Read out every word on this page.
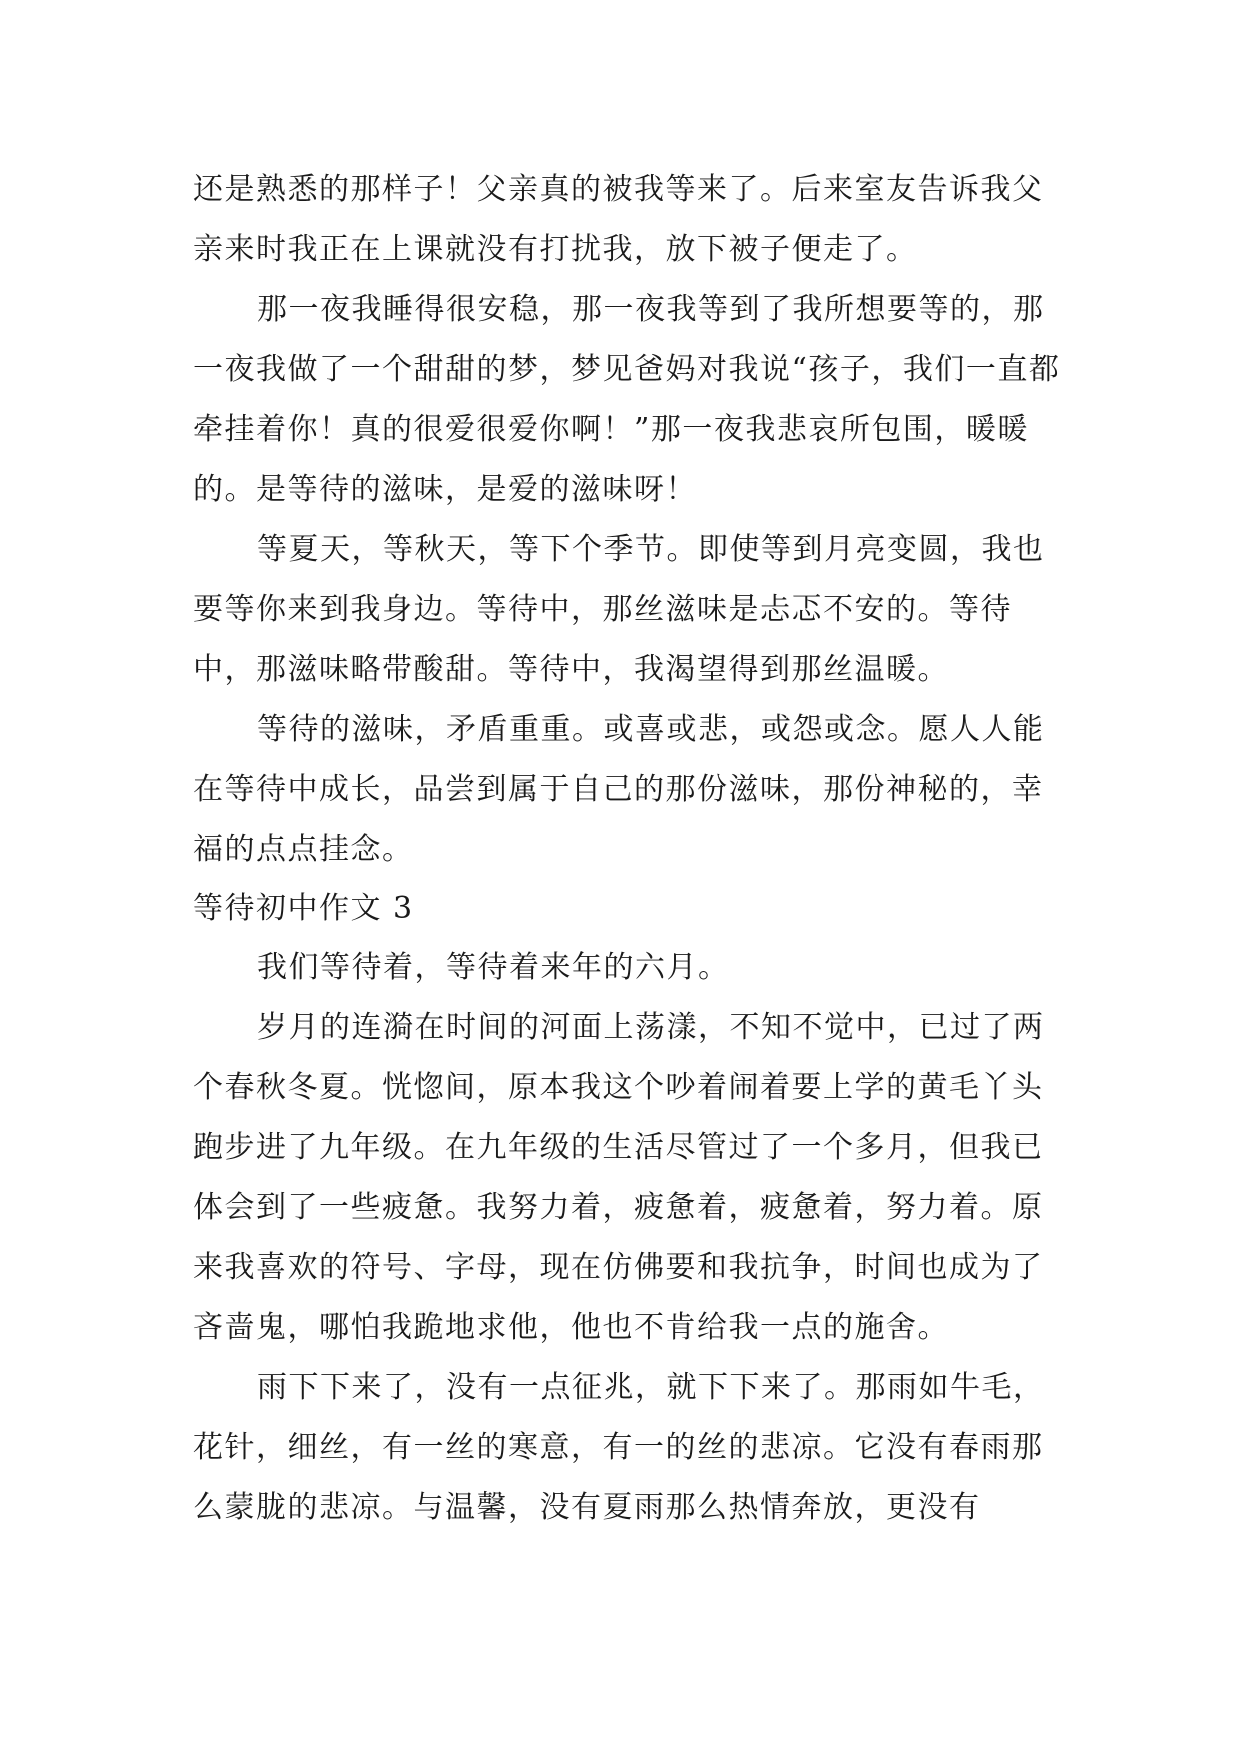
还是熟悉的那样子！父亲真的被我等来了。后来室友告诉我父亲来时我正在上课就没有打扰我，放下被子便走了。

那一夜我睡得很安稳，那一夜我等到了我所想要等的，那一夜我做了一个甜甜的梦，梦见爸妈对我说“孩子，我们一直都牵挂着你！真的很爱很爱你啊！”那一夜我悲哀所包围，暖暖的。是等待的滋味，是爱的滋味呀！

等夏天，等秋天，等下个季节。即使等到月亮变圆，我也要等你来到我身边。等待中，那丝滋味是忐忑不安的。等待中，那滋味略带酸甜。等待中，我渴望得到那丝温暖。

等待的滋味，矛盾重重。或喜或悲，或怨或念。愿人人能在等待中成长，品尝到属于自己的那份滋味，那份神秘的，幸福的点点挂念。

等待初中作文 3

我们等待着，等待着来年的六月。

岁月的连漪在时间的河面上荡漾，不知不觉中，已过了两个春秋冬夏。恍惚间，原本我这个吵着闹着要上学的黄毛丫头跑步进了九年级。在九年级的生活尽管过了一个多月，但我已体会到了一些疲惫。我努力着，疲惫着，疲惫着，努力着。原来我喜欢的符号、字母，现在仿佛要和我抗争，时间也成为了吝啬鬼，哪怕我跪地求他，他也不肯给我一点的施舍。

雨下下来了，没有一点征兆，就下下来了。那雨如牛毛，花针，细丝，有一丝的寒意，有一的丝的悲凉。它没有春雨那么蒙胧的悲凉。与温馨，没有夏雨那么热情奔放，更没有
